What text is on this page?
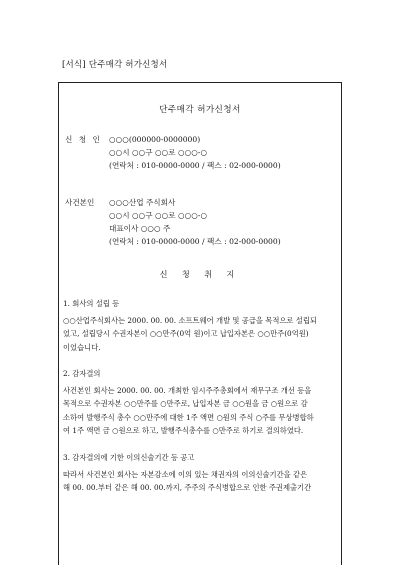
[서식] 단주매각 허가신청서
단주매각 허가신청서
신 청 인 ○○○(000000-0000000)
○○시 ○○구 ○○로 ○○○-○
(연락처 : 010-0000-0000 / 팩스 : 02-000-0000)
사건본인	○○○산업 주식회사
○○시 ○○구 ○○로 ○○○-○
대표이사 ○○○ 주
(연락처 : 010-0000-0000 / 팩스 : 02-000-0000)
신 청 취 지
1. 회사의 설립 등
○○산업주식회사는 2000. 00. 00. 소프트웨어 개발 및 공급을 목적으로 설립되
었고, 설립당시 수권자본이 ○○만주(0억 원)이고 납입자본은 ○○만주(0억원)
이었습니다.
2. 감자결의
사건본인 회사는 2000. 00. 00. 개최한 임시주주총회에서 재무구조 개선 등을
목적으로 수권자본 ○○만주를 ○만주로, 납입자본 금 ○○원을 금 ○원으로 감
소하여 발행주식 총수 ○○만주에 대한 1주 액면 ○원의 주식 ○주를 무상병합하
여 1주 액면 금 ○원으로 하고, 발행주식총수를 ○만주로 하기로 결의하였다.
3. 감자결의에 기한 이의신술기간 등 공고
따라서 사건본인 회사는 자본감소에 이의 있는 채권자의 이의신술기간을 같은
해 00. 00.부터 같은 해 00. 00.까지, 주주의 주식병합으로 인한 주권제출기간
